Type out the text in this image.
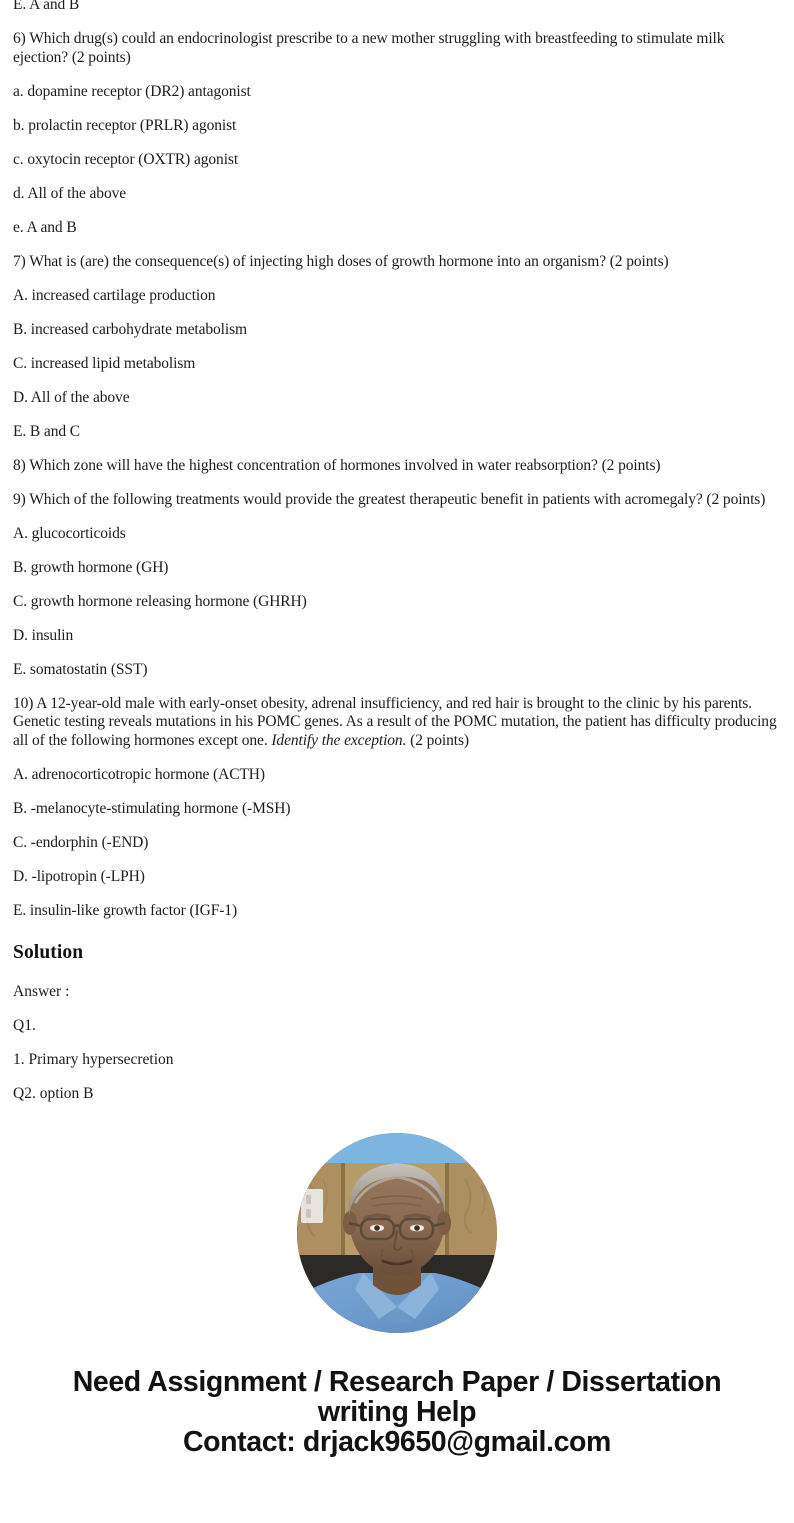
E. A and B

6) Which drug(s) could an endocrinologist prescribe to a new mother struggling with breastfeeding to stimulate milk ejection? (2 points)

a. dopamine receptor (DR2) antagonist

b. prolactin receptor (PRLR) agonist

c. oxytocin receptor (OXTR) agonist

d. All of the above

e. A and B

7) What is (are) the consequence(s) of injecting high doses of growth hormone into an organism? (2 points)

A. increased cartilage production

B. increased carbohydrate metabolism

C. increased lipid metabolism

D. All of the above

E. B and C

8) Which zone will have the highest concentration of hormones involved in water reabsorption? (2 points)

9) Which of the following treatments would provide the greatest therapeutic benefit in patients with acromegaly? (2 points)

A. glucocorticoids

B. growth hormone (GH)

C. growth hormone releasing hormone (GHRH)

D. insulin

E. somatostatin (SST)

10) A 12-year-old male with early-onset obesity, adrenal insufficiency, and red hair is brought to the clinic by his parents. Genetic testing reveals mutations in his POMC genes. As a result of the POMC mutation, the patient has difficulty producing all of the following hormones except one. Identify the exception. (2 points)

A. adrenocorticotropic hormone (ACTH)

B. -melanocyte-stimulating hormone (-MSH)

C. -endorphin (-END)

D. -lipotropin (-LPH)

E. insulin-like growth factor (IGF-1)

Solution

Answer :

Q1.

1. Primary hypersecretion

Q2. option B

Need Assignment / Research Paper / Dissertation
writing Help
Contact: drjack9650@gmail.com
